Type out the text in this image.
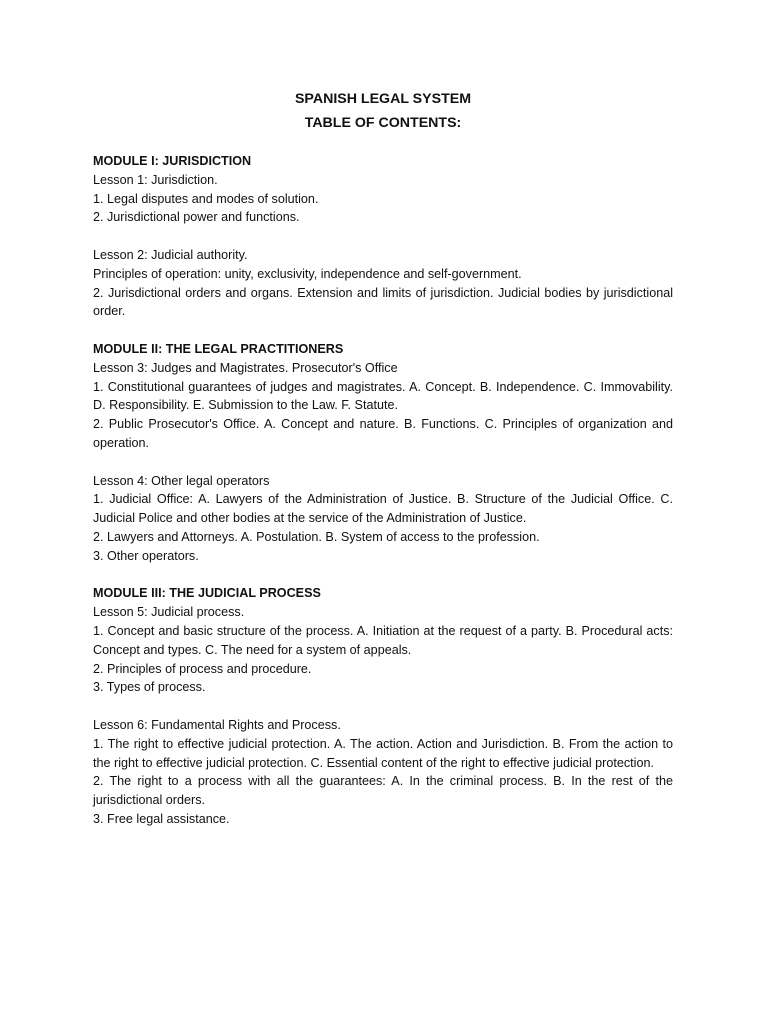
SPANISH LEGAL SYSTEM
TABLE OF CONTENTS:
MODULE I: JURISDICTION
Lesson 1: Jurisdiction.
1. Legal disputes and modes of solution.
2. Jurisdictional power and functions.
Lesson 2: Judicial authority.
Principles of operation: unity, exclusivity, independence and self-government.
2. Jurisdictional orders and organs. Extension and limits of jurisdiction. Judicial bodies by jurisdictional order.
MODULE II: THE LEGAL PRACTITIONERS
Lesson 3: Judges and Magistrates. Prosecutor's Office
1. Constitutional guarantees of judges and magistrates. A. Concept. B. Independence. C. Immovability. D. Responsibility. E. Submission to the Law. F. Statute.
2. Public Prosecutor's Office. A. Concept and nature. B. Functions. C. Principles of organization and operation.
Lesson 4: Other legal operators
1. Judicial Office: A. Lawyers of the Administration of Justice. B. Structure of the Judicial Office. C. Judicial Police and other bodies at the service of the Administration of Justice.
2. Lawyers and Attorneys. A. Postulation. B. System of access to the profession.
3. Other operators.
MODULE III: THE JUDICIAL PROCESS
Lesson 5: Judicial process.
1. Concept and basic structure of the process. A. Initiation at the request of a party. B. Procedural acts: Concept and types. C. The need for a system of appeals.
2. Principles of process and procedure.
3. Types of process.
Lesson 6: Fundamental Rights and Process.
1. The right to effective judicial protection. A. The action. Action and Jurisdiction. B. From the action to the right to effective judicial protection. C. Essential content of the right to effective judicial protection.
2. The right to a process with all the guarantees: A. In the criminal process. B. In the rest of the jurisdictional orders.
3. Free legal assistance.
